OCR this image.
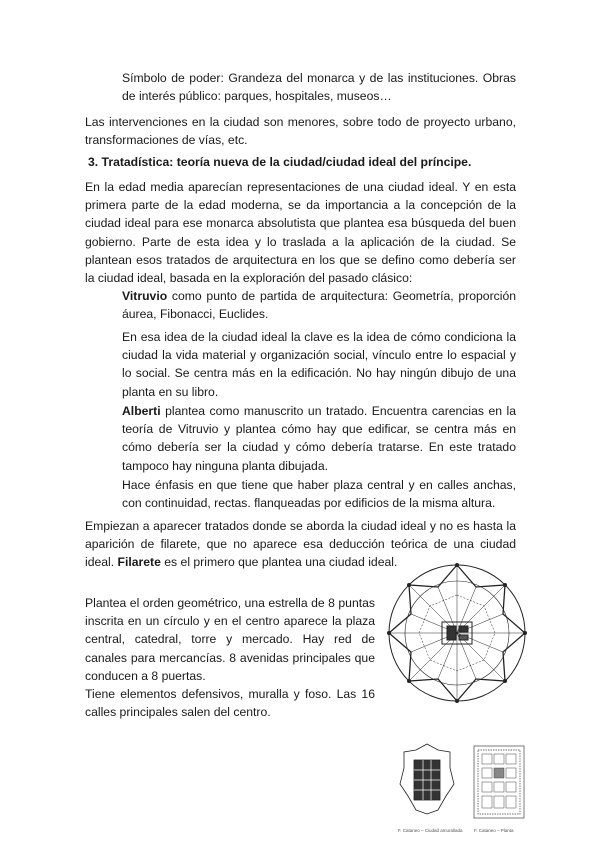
Símbolo de poder: Grandeza del monarca y de las instituciones. Obras de interés público: parques, hospitales, museos…

Las intervenciones en la ciudad son menores, sobre todo de proyecto urbano, transformaciones de vías, etc.

3. Tratadística: teoría nueva de la ciudad/ciudad ideal del príncipe.

En la edad media aparecían representaciones de una ciudad ideal. Y en esta primera parte de la edad moderna, se da importancia a la concepción de la ciudad ideal para ese monarca absolutista que plantea esa búsqueda del buen gobierno. Parte de esta idea y lo traslada a la aplicación de la ciudad. Se plantean esos tratados de arquitectura en los que se defino como debería ser la ciudad ideal, basada en la exploración del pasado clásico:

Vitruvio como punto de partida de arquitectura: Geometría, proporción áurea, Fibonacci, Euclides.

En esa idea de la ciudad ideal la clave es la idea de cómo condiciona la ciudad la vida material y organización social, vínculo entre lo espacial y lo social. Se centra más en la edificación. No hay ningún dibujo de una planta en su libro.

Alberti plantea como manuscrito un tratado. Encuentra carencias en la teoría de Vitruvio y plantea cómo hay que edificar, se centra más en cómo debería ser la ciudad y cómo debería tratarse. En este tratado tampoco hay ninguna planta dibujada.

Hace énfasis en que tiene que haber plaza central y en calles anchas, con continuidad, rectas. flanqueadas por edificios de la misma altura.

Empiezan a aparecer tratados donde se aborda la ciudad ideal y no es hasta la aparición de filarete, que no aparece esa deducción teórica de una ciudad ideal. Filarete es el primero que plantea una ciudad ideal.

Plantea el orden geométrico, una estrella de 8 puntas inscrita en un círculo y en el centro aparece la plaza central, catedral, torre y mercado. Hay red de canales para mercancías. 8 avenidas principales que conducen a 8 puertas.

Tiene elementos defensivos, muralla y foso. Las 16 calles principales salen del centro.

F. Cataneo – Ciudad amurallada	F. Cataneo – Planta
